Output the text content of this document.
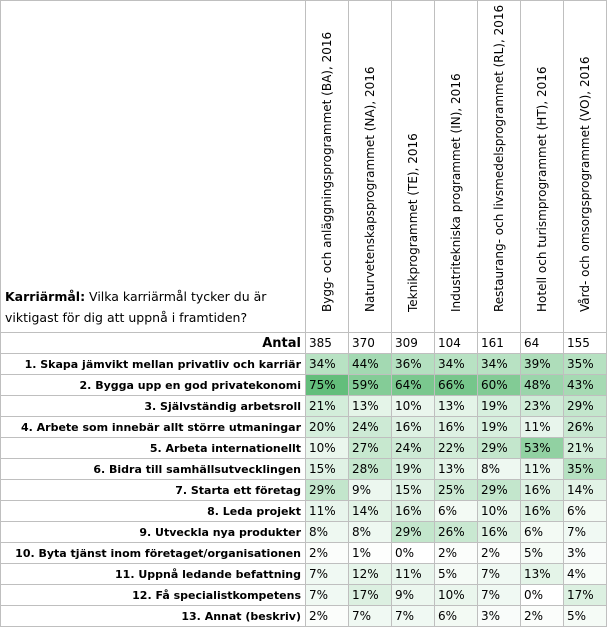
Karriärmål: Vilka karriärmål tycker du är viktigast för dig att uppnå i framtiden?	Bygg- och anläggningsprogrammet (BA), 2016	Naturvetenskapsprogrammet (NA), 2016	Teknikprogrammet (TE), 2016	Industritekniska programmet (IN), 2016	Restaurang- och livsmedelsprogrammet (RL), 2016	Hotell och turismprogrammet (HT), 2016	Vård- och omsorgsprogrammet (VO), 2016

Antal	385	370	309	104	161	64	155
1. Skapa jämvikt mellan privatliv och karriär	34%	44%	36%	34%	34%	39%	35%
2. Bygga upp en god privatekonomi	75%	59%	64%	66%	60%	48%	43%
3. Självständig arbetsroll	21%	13%	10%	13%	19%	23%	29%
4. Arbete som innebär allt större utmaningar	20%	24%	16%	16%	19%	11%	26%
5. Arbeta internationellt	10%	27%	24%	22%	29%	53%	21%
6. Bidra till samhällsutvecklingen	15%	28%	19%	13%	8%	11%	35%
7. Starta ett företag	29%	9%	15%	25%	29%	16%	14%
8. Leda projekt	11%	14%	16%	6%	10%	16%	6%
9. Utveckla nya produkter	8%	8%	29%	26%	16%	6%	7%
10. Byta tjänst inom företaget/organisationen	2%	1%	0%	2%	2%	5%	3%
11. Uppnå ledande befattning	7%	12%	11%	5%	7%	13%	4%
12. Få specialistkompetens	7%	17%	9%	10%	7%	0%	17%
13. Annat (beskriv)	2%	7%	7%	6%	3%	2%	5%
